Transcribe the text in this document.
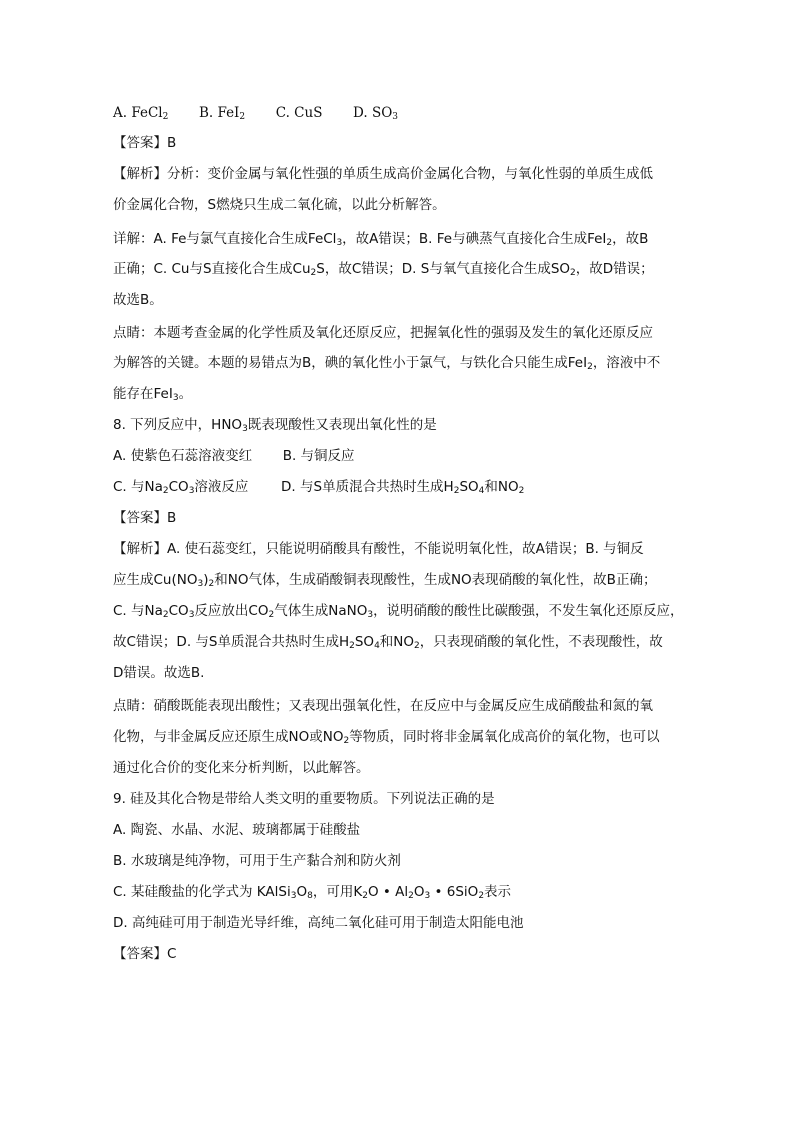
A. FeCl$_2$ B. FeI$_2$ C. CuS D. $SO_3$
【答案】B
【解析】分析：变价金属与氧化性强的单质生成高价金属化合物，与氧化性弱的单质生成低
价金属化合物，S燃烧只生成二氧化硫，以此分析解答。
详解：A. Fe与氯气直接化合生成FeCl$_3$，故A错误；B. Fe与碘蒸气直接化合生成FeI$_2$，故B
正确；C. Cu与S直接化合生成$Cu_2S$，故C错误；D. S与氧气直接化合生成$SO_2$，故D错误；
故选B。
点睛：本题考查金属的化学性质及氧化还原反应，把握氧化性的强弱及发生的氧化还原反应
为解答的关键。本题的易错点为B，碘的氧化性小于氯气，与铁化合只能生成FeI$_2$，溶液中不
能存在FeI$_3$。
8. 下列反应中，$HNO_3$既表现酸性又表现出氧化性的是
A. 使紫色石蕊溶液变红 B. 与铜反应
C. 与$Na_2CO_3$溶液反应 D. 与S单质混合共热时生成$H_2SO_4$和$NO_2$
【答案】B
【解析】A. 使石蕊变红，只能说明硝酸具有酸性，不能说明氧化性，故A错误；B. 与铜反
应生成$Cu(NO_3)_2$和NO气体，生成硝酸铜表现酸性，生成NO表现硝酸的氧化性，故B正确；
C. 与$Na_2CO_3$反应放出$CO_2$气体生成NaNO$_3$，说明硝酸的酸性比碳酸强，不发生氧化还原反应，
故C错误；D. 与S单质混合共热时生成$H_2SO_4$和$NO_2$，只表现硝酸的氧化性，不表现酸性，故
D错误。故选B.
点睛：硝酸既能表现出酸性；又表现出强氧化性，在反应中与金属反应生成硝酸盐和氮的氧
化物，与非金属反应还原生成NO或$NO_2$等物质，同时将非金属氧化成高价的氧化物，也可以
通过化合价的变化来分析判断，以此解答。
9. 硅及其化合物是带给人类文明的重要物质。下列说法正确的是
A. 陶瓷、水晶、水泥、玻璃都属于硅酸盐
B. 水玻璃是纯净物，可用于生产黏合剂和防火剂
C. 某硅酸盐的化学式为 $KAlSi_3O_8$，可用$K_2O$ • $Al_2O_3$ • 6SiO$_2$表示
D. 高纯硅可用于制造光导纤维，高纯二氧化硅可用于制造太阳能电池
【答案】C
